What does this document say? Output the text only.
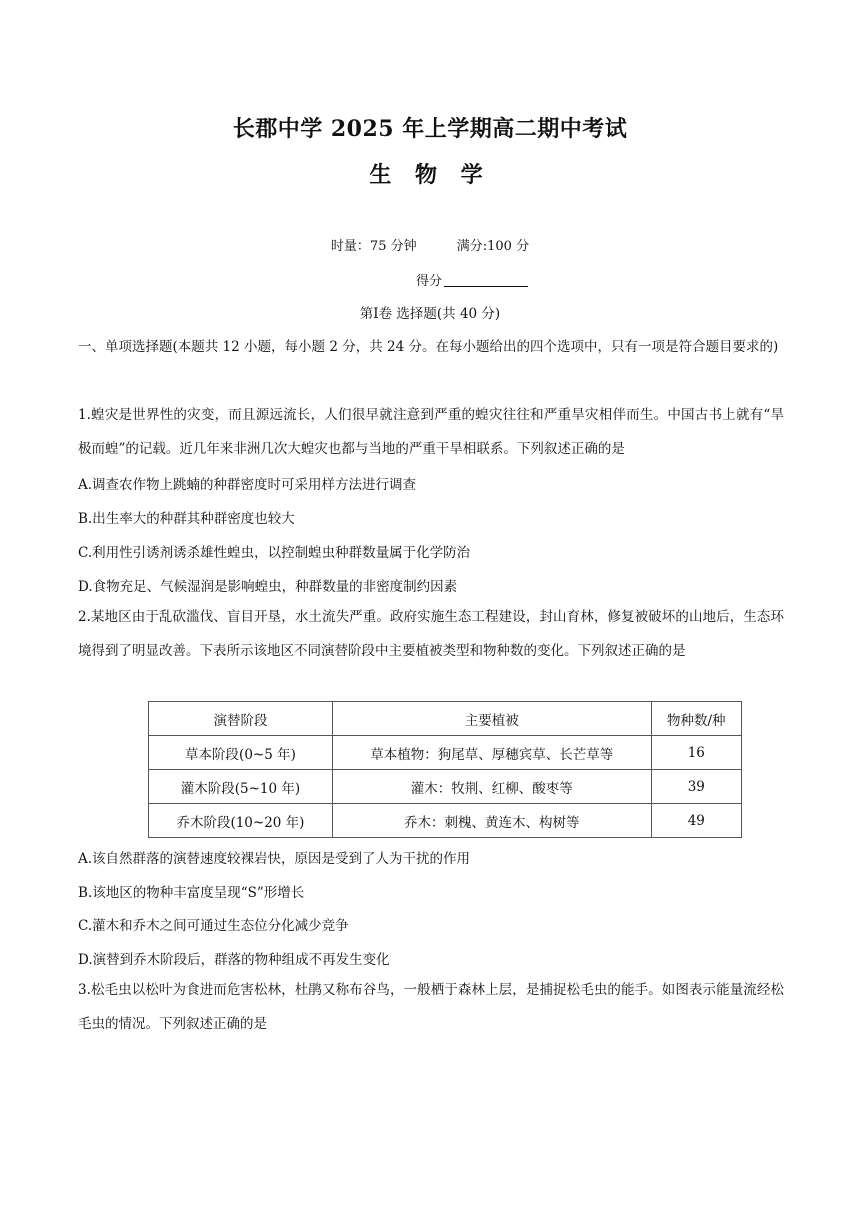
长郡中学 2025 年上学期高二期中考试
生 物 学
时量：75 分钟	满分:100 分
得分
第Ⅰ卷 选择题(共 40 分)
一、单项选择题(本题共 12 小题，每小题 2 分，共 24 分。在每小题给出的四个选项中，只有一项是符合题目要求的)
1.蝗灾是世界性的灾变，而且源远流长，人们很早就注意到严重的蝗灾往往和严重旱灾相伴而生。中国古书上就有“旱极而蝗”的记载。近几年来非洲几次大蝗灾也都与当地的严重干旱相联系。下列叙述正确的是
A.调查农作物上跳蝻的种群密度时可采用样方法进行调查
B.出生率大的种群其种群密度也较大
C.利用性引诱剂诱杀雄性蝗虫，以控制蝗虫种群数量属于化学防治
D.食物充足、气候湿润是影响蝗虫，种群数量的非密度制约因素
2.某地区由于乱砍滥伐、盲目开垦，水土流失严重。政府实施生态工程建设，封山育林，修复被破坏的山地后，生态环境得到了明显改善。下表所示该地区不同演替阶段中主要植被类型和物种数的变化。下列叙述正确的是
演替阶段	主要植被	物种数/种
草本阶段(0~5 年)	草本植物：狗尾草、厚穗宾草、长芒草等	16
灌木阶段(5~10 年)	灌木：牧荆、红柳、酸枣等	39
乔木阶段(10~20 年)	乔木：刺槐、黄连木、构树等	49
A.该自然群落的演替速度较裸岩快，原因是受到了人为干扰的作用
B.该地区的物种丰富度呈现“S”形增长
C.灌木和乔木之间可通过生态位分化减少竞争
D.演替到乔木阶段后，群落的物种组成不再发生变化
3.松毛虫以松叶为食进而危害松林，杜鹃又称布谷鸟，一般栖于森林上层，是捕捉松毛虫的能手。如图表示能量流经松毛虫的情况。下列叙述正确的是
